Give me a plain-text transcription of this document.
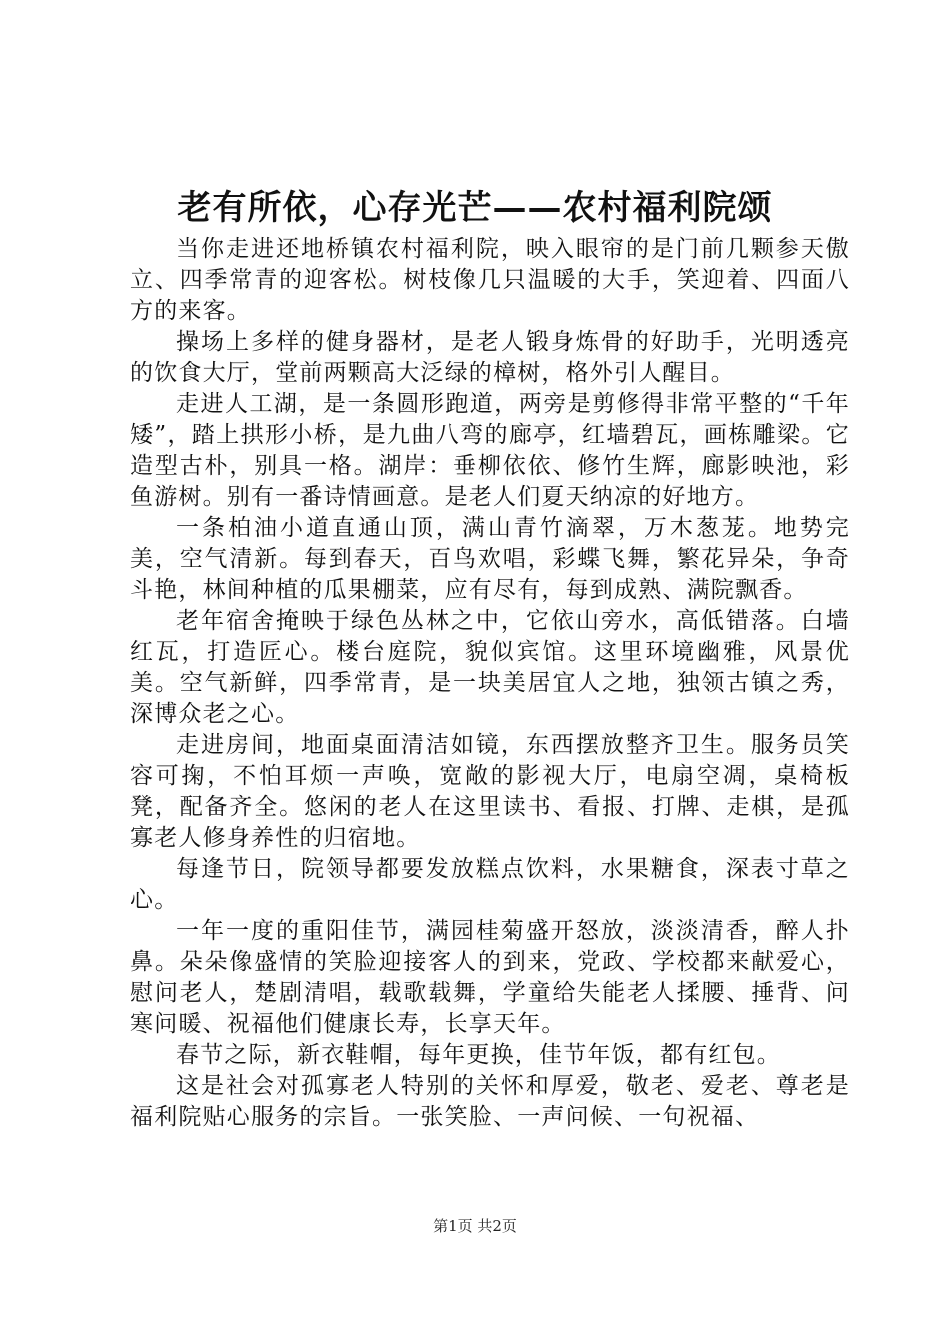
老有所依，心存光芒——农村福利院颂

当你走进还地桥镇农村福利院，映入眼帘的是门前几颗参天傲立、四季常青的迎客松。树枝像几只温暖的大手，笑迎着、四面八方的来客。

操场上多样的健身器材，是老人锻身炼骨的好助手，光明透亮的饮食大厅，堂前两颗高大泛绿的樟树，格外引人醒目。

走进人工湖，是一条圆形跑道，两旁是剪修得非常平整的“千年矮”，踏上拱形小桥，是九曲八弯的廊亭，红墙碧瓦，画栋雕梁。它造型古朴，别具一格。湖岸：垂柳依依、修竹生辉，廊影映池，彩鱼游树。别有一番诗情画意。是老人们夏天纳凉的好地方。

一条柏油小道直通山顶，满山青竹滴翠，万木葱茏。地势完美，空气清新。每到春天，百鸟欢唱，彩蝶飞舞，繁花异朵，争奇斗艳，林间种植的瓜果棚菜，应有尽有，每到成熟、满院飘香。

老年宿舍掩映于绿色丛林之中，它依山旁水，高低错落。白墙红瓦，打造匠心。楼台庭院，貌似宾馆。这里环境幽雅，风景优美。空气新鲜，四季常青，是一块美居宜人之地，独领古镇之秀，深博众老之心。

走进房间，地面桌面清洁如镜，东西摆放整齐卫生。服务员笑容可掬，不怕耳烦一声唤，宽敞的影视大厅，电扇空凋，桌椅板凳，配备齐全。悠闲的老人在这里读书、看报、打牌、走棋，是孤寡老人修身养性的归宿地。

每逢节日，院领导都要发放糕点饮料，水果糖食，深表寸草之心。

一年一度的重阳佳节，满园桂菊盛开怒放，淡淡清香，醉人扑鼻。朵朵像盛情的笑脸迎接客人的到来，党政、学校都来献爱心，慰问老人，楚剧清唱，载歌载舞，学童给失能老人揉腰、捶背、问寒问暖、祝福他们健康长寿，长享天年。

春节之际，新衣鞋帽，每年更换，佳节年饭，都有红包。

这是社会对孤寡老人特别的关怀和厚爱，敬老、爱老、尊老是福利院贴心服务的宗旨。一张笑脸、一声问候、一句祝福、

第1页 共2页
